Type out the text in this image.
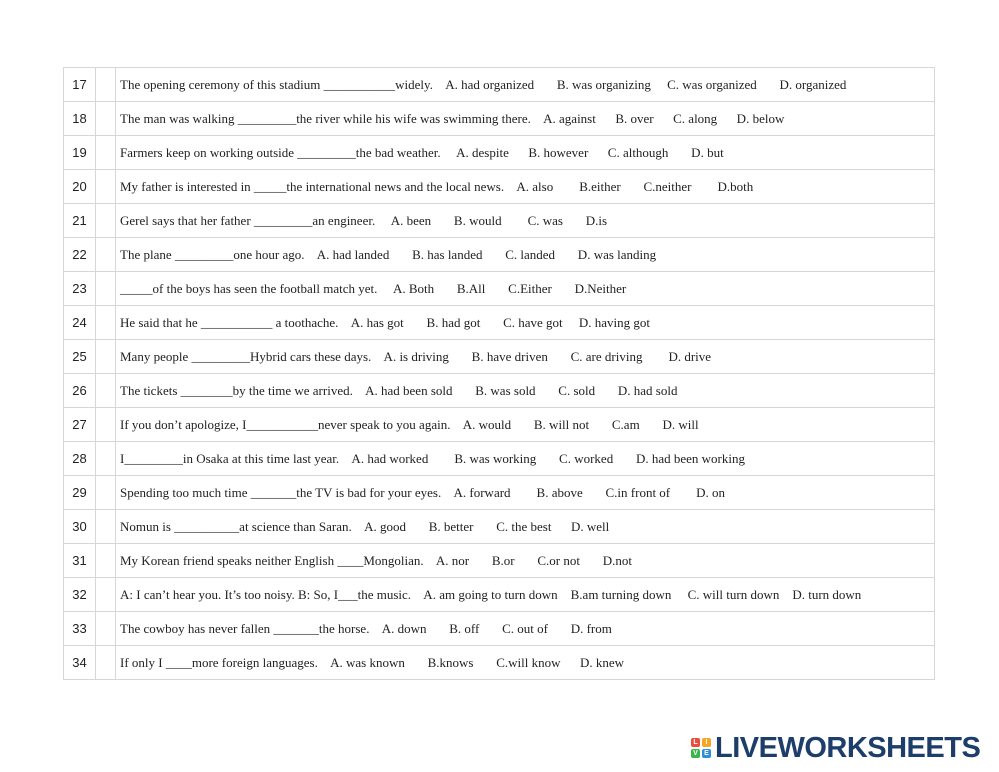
17		The opening ceremony of this stadium ___________widely.    A. had organized       B. was organizing     C. was organized       D. organized
18		The man was walking _________the river while his wife was swimming there.    A. against      B. over      C. along      D. below
19		Farmers keep on working outside _________the bad weather.     A. despite      B. however      C. although       D. but
20		My father is interested in _____the international news and the local news.    A. also        B.either       C.neither        D.both
21		Gerel says that her father _________an engineer.     A. been       B. would        C. was       D.is
22		The plane _________one hour ago.    A. had landed       B. has landed       C. landed       D. was landing
23		_____of the boys has seen the football match yet.     A. Both       B.All       C.Either       D.Neither
24		He said that he ___________ a toothache.    A. has got       B. had got       C. have got     D. having got
25		Many people _________Hybrid cars these days.    A. is driving       B. have driven       C. are driving        D. drive
26		The tickets ________by the time we arrived.    A. had been sold       B. was sold       C. sold       D. had sold
27		If you don’t apologize, I___________never speak to you again.    A. would       B. will not       C.am       D. will
28		I_________in Osaka at this time last year.    A. had worked        B. was working       C. worked       D. had been working
29		Spending too much time _______the TV is bad for your eyes.    A. forward        B. above       C.in front of        D. on
30		Nomun is __________at science than Saran.    A. good       B. better       C. the best      D. well
31		My Korean friend speaks neither English ____Mongolian.    A. nor       B.or       C.or not       D.not
32		A: I can’t hear you. It’s too noisy. B: So, I___the music.    A. am going to turn down    B.am turning down     C. will turn down    D. turn down
33		The cowboy has never fallen _______the horse.    A. down       B. off       C. out of       D. from
34		If only I ____more foreign languages.    A. was known       B.knows       C.will know      D. knew
L	I
V E LIVEWORKSHEETS
